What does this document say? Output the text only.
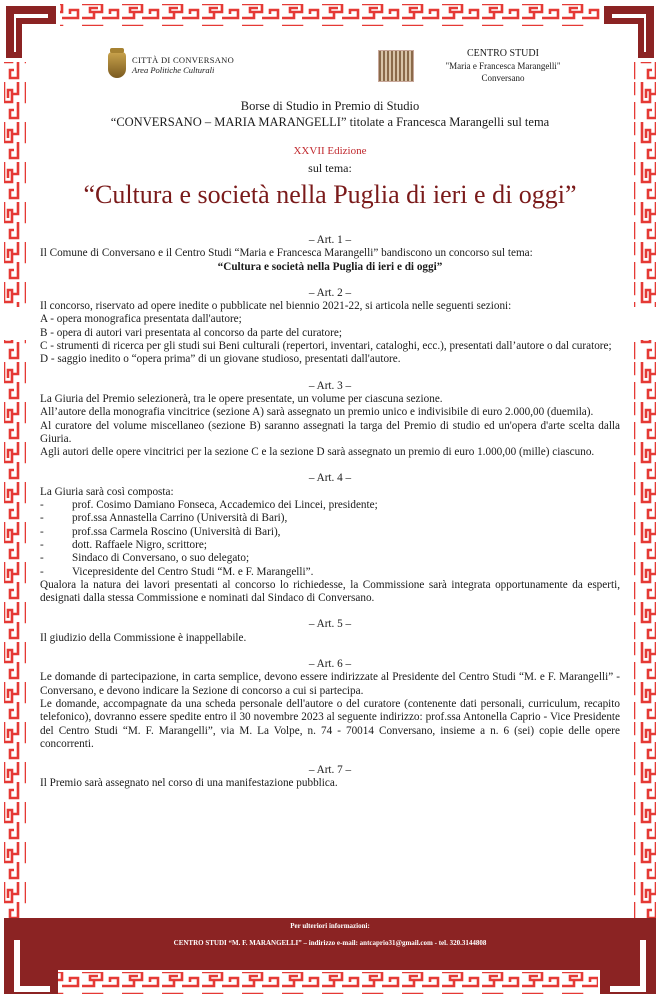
CITTÀ DI CONVERSANO
Area Politiche Culturali
CENTRO STUDI
"Maria e Francesca Marangelli"
Conversano
Borse di Studio in Premio di Studio
“CONVERSANO – MARIA MARANGELLI” titolate a Francesca Marangelli sul tema
XXVII Edizione
sul tema:
“Cultura e società nella Puglia di ieri e di oggi”
– Art. 1 –

Il Comune di Conversano e il Centro Studi “Maria e Francesca Marangelli” bandiscono un concorso sul tema:

“Cultura e società nella Puglia di ieri e di oggi”

– Art. 2 –

Il concorso, riservato ad opere inedite o pubblicate nel biennio 2021-22, si articola nelle seguenti sezioni:

A - opera monografica presentata dall'autore;

B - opera di autori vari presentata al concorso da parte del curatore;

C - strumenti di ricerca per gli studi sui Beni culturali (repertori, inventari, cataloghi, ecc.), presentati dall’autore o dal curatore;

D - saggio inedito o “opera prima” di un giovane studioso, presentati dall'autore.

– Art. 3 –

La Giuria del Premio selezionerà, tra le opere presentate, un volume per ciascuna sezione.

All’autore della monografia vincitrice (sezione A) sarà assegnato un premio unico e indivisibile di euro 2.000,00 (duemila).

Al curatore del volume miscellaneo (sezione B) saranno assegnati la targa del Premio di studio ed un'opera d'arte scelta dalla Giuria.

Agli autori delle opere vincitrici per la sezione C e la sezione D sarà assegnato un premio di euro 1.000,00 (mille) ciascuno.

– Art. 4 –

La Giuria sarà così composta:

-	prof. Cosimo Damiano Fonseca, Accademico dei Lincei, presidente;
-	prof.ssa Annastella Carrino (Università di Bari),
-	prof.ssa Carmela Roscino (Università di Bari),
-	dott. Raffaele Nigro, scrittore;
-	Sindaco di Conversano, o suo delegato;
-	Vicepresidente del Centro Studi “M. e F. Marangelli”.

Qualora la natura dei lavori presentati al concorso lo richiedesse, la Commissione sarà integrata opportunamente da esperti, designati dalla stessa Commissione e nominati dal Sindaco di Conversano.

– Art. 5 –

Il giudizio della Commissione è inappellabile.

– Art. 6 –

Le domande di partecipazione, in carta semplice, devono essere indirizzate al Presidente del Centro Studi “M. e F. Marangelli” - Conversano, e devono indicare la Sezione di concorso a cui si partecipa.

Le domande, accompagnate da una scheda personale dell'autore o del curatore (contenente dati personali, curriculum, recapito telefonico), dovranno essere spedite entro il 30 novembre 2023 al seguente indirizzo: prof.ssa Antonella Caprio - Vice Presidente del Centro Studi “M. F. Marangelli”, via M. La Volpe, n. 74 - 70014 Conversano, insieme a n. 6 (sei) copie delle opere concorrenti.

– Art. 7 –

Il Premio sarà assegnato nel corso di una manifestazione pubblica.

Per ulteriori informazioni:
CENTRO STUDI “M. F. MARANGELLI” – indirizzo e-mail: antcaprio31@gmail.com - tel. 320.3144808
